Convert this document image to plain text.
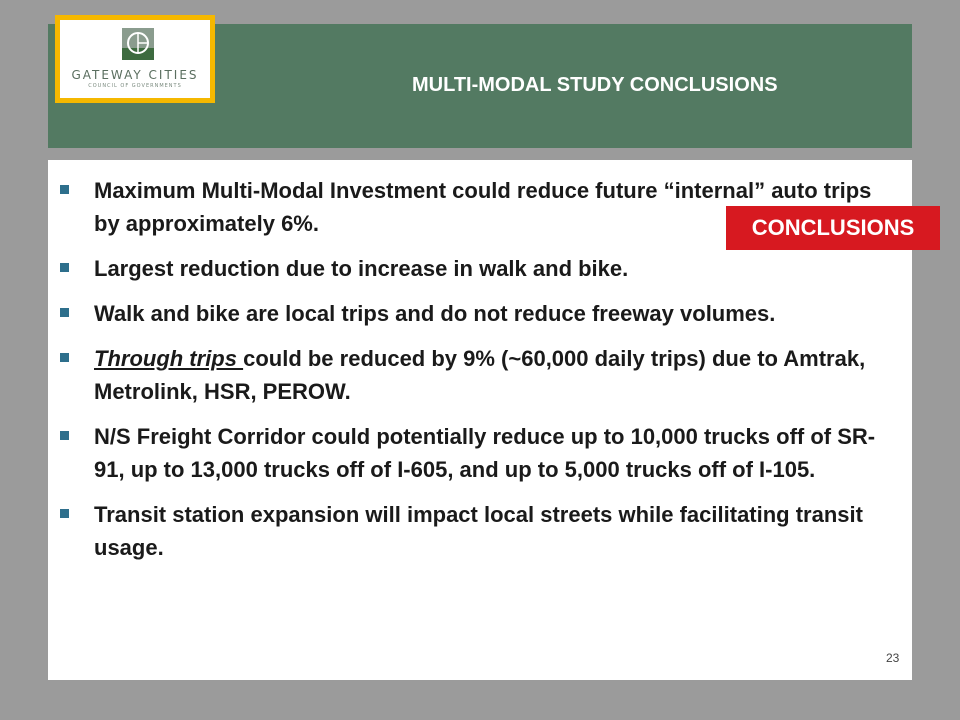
GATEWAY CITIES
COUNCIL OF GOVERNMENTS	MULTI-MODAL STUDY CONCLUSIONS
Maximum Multi-Modal Investment could reduce future “internal” auto trips by approximately 6%.
Largest reduction due to increase in walk and bike.
Walk and bike are local trips and do not reduce freeway volumes.
Through trips could be reduced by 9% (~60,000 daily trips) due to Amtrak, Metrolink, HSR, PEROW.
N/S Freight Corridor could potentially reduce up to 10,000 trucks off of SR-91, up to 13,000 trucks off of I-605, and up to 5,000 trucks off of I-105.
Transit station expansion will impact local streets while facilitating transit usage.
CONCLUSIONS
23
